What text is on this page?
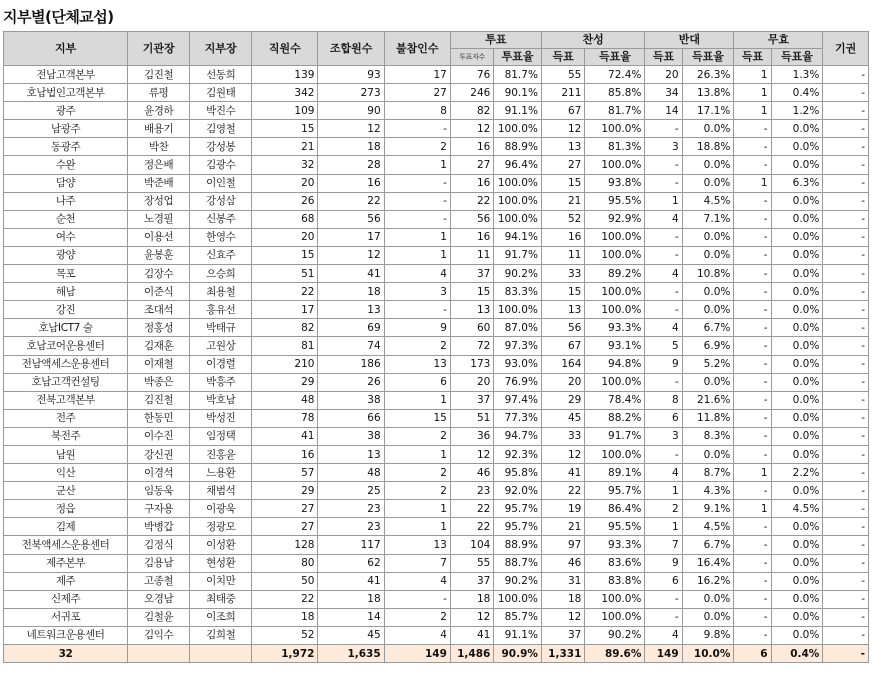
지부별(단체교섭)
지부	기관장	지부장	직원수	조합원수	불참인수	투표		찬성		반대		무효		기권
						투표자수	투표율	득표	득표율	득표	득표율	득표	득표율	
전남고객본부	김진철	선동희	139	93	17	76	81.7%	55	72.4%	20	26.3%	1	1.3%	-
호남법인고객본부	류평	김원태	342	273	27	246	90.1%	211	85.8%	34	13.8%	1	0.4%	-
광주	윤경하	박진수	109	90	8	82	91.1%	67	81.7%	14	17.1%	1	1.2%	-
남광주	배용기	김영철	15	12	-	12	100.0%	12	100.0%	-	0.0%	-	0.0%	-
동광주	박찬	강성봉	21	18	2	16	88.9%	13	81.3%	3	18.8%	-	0.0%	-
수완	정은배	김광수	32	28	1	27	96.4%	27	100.0%	-	0.0%	-	0.0%	-
담양	박준배	이인철	20	16	-	16	100.0%	15	93.8%	-	0.0%	1	6.3%	-
나주	장성업	강성삼	26	22	-	22	100.0%	21	95.5%	1	4.5%	-	0.0%	-
순천	노경필	신봉주	68	56	-	56	100.0%	52	92.9%	4	7.1%	-	0.0%	-
여수	이용선	한영수	20	17	1	16	94.1%	16	100.0%	-	0.0%	-	0.0%	-
광양	윤봉훈	신효주	15	12	1	11	91.7%	11	100.0%	-	0.0%	-	0.0%	-
목포	김장수	으승희	51	41	4	37	90.2%	33	89.2%	4	10.8%	-	0.0%	-
해남	이준식	최용철	22	18	3	15	83.3%	15	100.0%	-	0.0%	-	0.0%	-
강진	조대석	홍유선	17	13	-	13	100.0%	13	100.0%	-	0.0%	-	0.0%	-
호남ICT7 술	정홍성	박태규	82	69	9	60	87.0%	56	93.3%	4	6.7%	-	0.0%	-
호남코어운용센터	김재훈	고원상	81	74	2	72	97.3%	67	93.1%	5	6.9%	-	0.0%	-
전남액세스운용센터	이재철	이경렬	210	186	13	173	93.0%	164	94.8%	9	5.2%	-	0.0%	-
호남고객컨설팅	박종은	박흥주	29	26	6	20	76.9%	20	100.0%	-	0.0%	-	0.0%	-
전북고객본부	김진철	박호남	48	38	1	37	97.4%	29	78.4%	8	21.6%	-	0.0%	-
전주	한동민	박성진	78	66	15	51	77.3%	45	88.2%	6	11.8%	-	0.0%	-
북전주	이수진	임정택	41	38	2	36	94.7%	33	91.7%	3	8.3%	-	0.0%	-
남원	강신권	진홍윤	16	13	1	12	92.3%	12	100.0%	-	0.0%	-	0.0%	-
익산	이경석	느용환	57	48	2	46	95.8%	41	89.1%	4	8.7%	1	2.2%	-
군산	임동욱	채범석	29	25	2	23	92.0%	22	95.7%	1	4.3%	-	0.0%	-
정읍	구자용	이광욱	27	23	1	22	95.7%	19	86.4%	2	9.1%	1	4.5%	-
김제	박병갑	정광모	27	23	1	22	95.7%	21	95.5%	1	4.5%	-	0.0%	-
전북액세스운용센터	김정식	이성환	128	117	13	104	88.9%	97	93.3%	7	6.7%	-	0.0%	-
제주본부	김용남	현성환	80	62	7	55	88.7%	46	83.6%	9	16.4%	-	0.0%	-
제주	고종철	이치만	50	41	4	37	90.2%	31	83.8%	6	16.2%	-	0.0%	-
신제주	오경남	최태중	22	18	-	18	100.0%	18	100.0%	-	0.0%	-	0.0%	-
서귀포	김철윤	이조희	18	14	2	12	85.7%	12	100.0%	-	0.0%	-	0.0%	-
네트워크운용센터	김익수	김희철	52	45	4	41	91.1%	37	90.2%	4	9.8%	-	0.0%	-
32			1,972	1,635	149	1,486	90.9%	1,331	89.6%	149	10.0%	6	0.4%	-
